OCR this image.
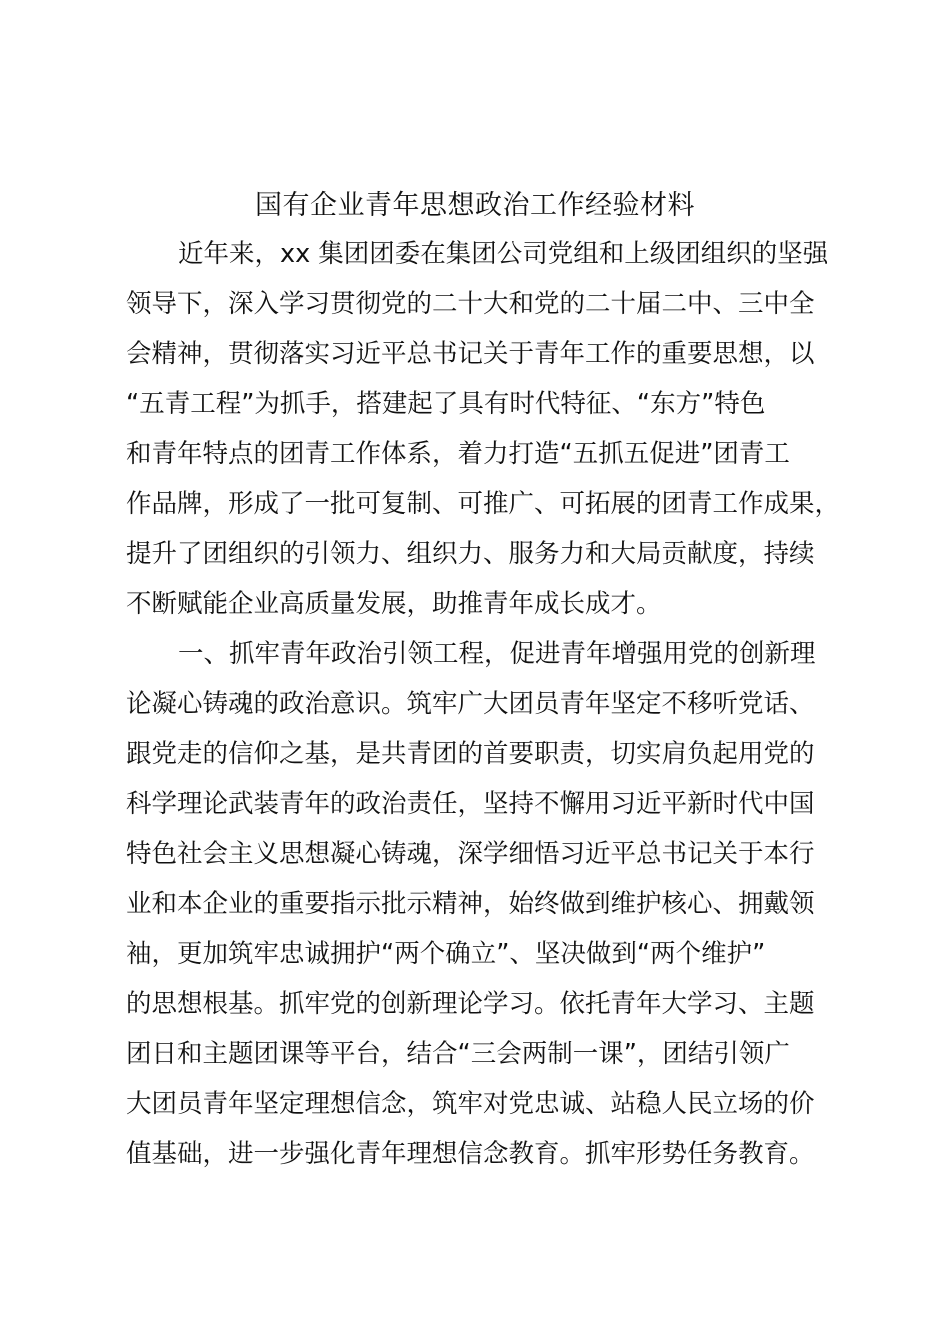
国有企业青年思想政治工作经验材料

近年来，xx 集团团委在集团公司党组和上级团组织的坚强

领导下，深入学习贯彻党的二十大和党的二十届二中、三中全

会精神，贯彻落实习近平总书记关于青年工作的重要思想，以

“五青工程”为抓手，搭建起了具有时代特征、“东方”特色

和青年特点的团青工作体系，着力打造“五抓五促进”团青工

作品牌，形成了一批可复制、可推广、可拓展的团青工作成果，

提升了团组织的引领力、组织力、服务力和大局贡献度，持续

不断赋能企业高质量发展，助推青年成长成才。

一、抓牢青年政治引领工程，促进青年增强用党的创新理

论凝心铸魂的政治意识。筑牢广大团员青年坚定不移听党话、

跟党走的信仰之基，是共青团的首要职责，切实肩负起用党的

科学理论武装青年的政治责任，坚持不懈用习近平新时代中国

特色社会主义思想凝心铸魂，深学细悟习近平总书记关于本行

业和本企业的重要指示批示精神，始终做到维护核心、拥戴领

袖，更加筑牢忠诚拥护“两个确立”、坚决做到“两个维护”

的思想根基。抓牢党的创新理论学习。依托青年大学习、主题

团日和主题团课等平台，结合“三会两制一课”，团结引领广

大团员青年坚定理想信念，筑牢对党忠诚、站稳人民立场的价

值基础，进一步强化青年理想信念教育。抓牢形势任务教育。
